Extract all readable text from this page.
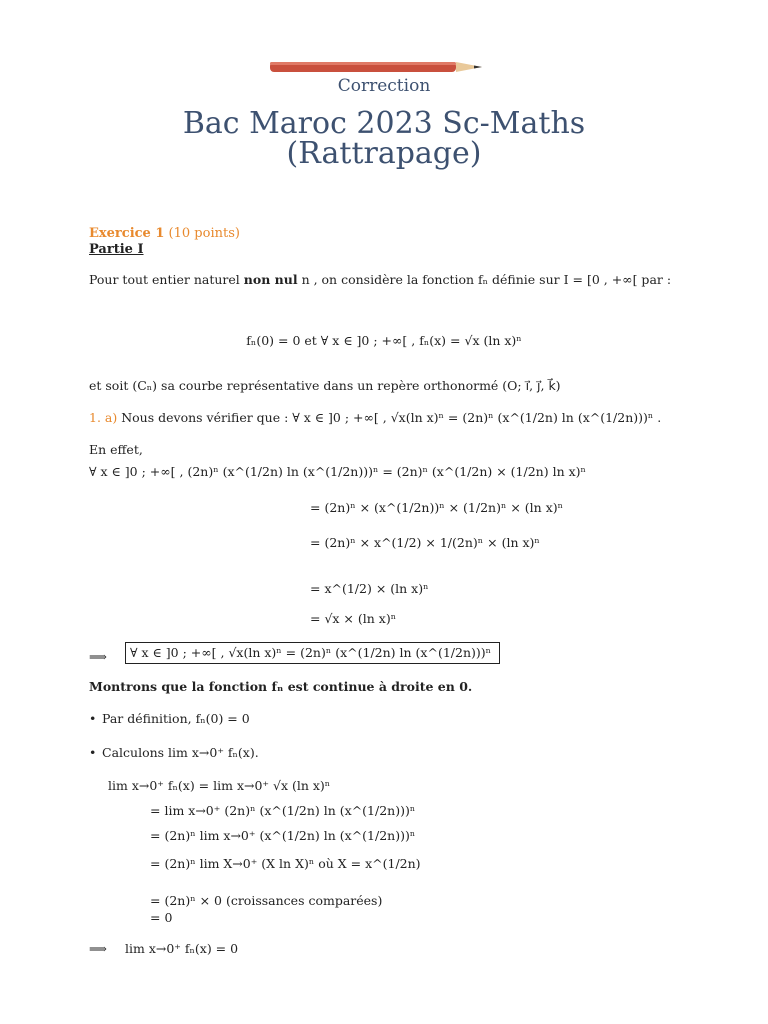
Correction
Bac Maroc 2023 Sc-Maths
(Rattrapage)
Exercice 1 (10 points)
Partie I
Pour tout entier naturel non nul n , on considère la fonction fₙ définie sur I = [0 , +∞[ par :
fₙ(0) = 0 et ∀ x ∈ ]0 ; +∞[ , fₙ(x) = √x (ln x)ⁿ
et soit (Cₙ) sa courbe représentative dans un repère orthonormé (O; i⃗, j⃗, k⃗)
1. a) Nous devons vérifier que : ∀ x ∈ ]0 ; +∞[ , √x(ln x)ⁿ = (2n)ⁿ (x^(1/2n) ln (x^(1/2n)))ⁿ .
En effet,
∀ x ∈ ]0 ; +∞[ , (2n)ⁿ (x^(1/2n) ln (x^(1/2n)))ⁿ = (2n)ⁿ (x^(1/2n) × (1/2n) ln x)ⁿ
= (2n)ⁿ × (x^(1/2n))ⁿ × (1/2n)ⁿ × (ln x)ⁿ
= (2n)ⁿ × x^(1/2) × 1/(2n)ⁿ × (ln x)ⁿ
= x^(1/2) × (ln x)ⁿ
= √x × (ln x)ⁿ
⟹	∀ x ∈ ]0 ; +∞[ , √x(ln x)ⁿ = (2n)ⁿ (x^(1/2n) ln (x^(1/2n)))ⁿ
Montrons que la fonction fₙ est continue à droite en 0.
• Par définition, fₙ(0) = 0
• Calculons lim x→0⁺ fₙ(x).
lim x→0⁺ fₙ(x) = lim x→0⁺ √x (ln x)ⁿ
= lim x→0⁺ (2n)ⁿ (x^(1/2n) ln (x^(1/2n)))ⁿ
= (2n)ⁿ lim x→0⁺ (x^(1/2n) ln (x^(1/2n)))ⁿ
= (2n)ⁿ lim X→0⁺ (X ln X)ⁿ où X = x^(1/2n)
= (2n)ⁿ × 0 (croissances comparées)
= 0
⟹ lim x→0⁺ fₙ(x) = 0
